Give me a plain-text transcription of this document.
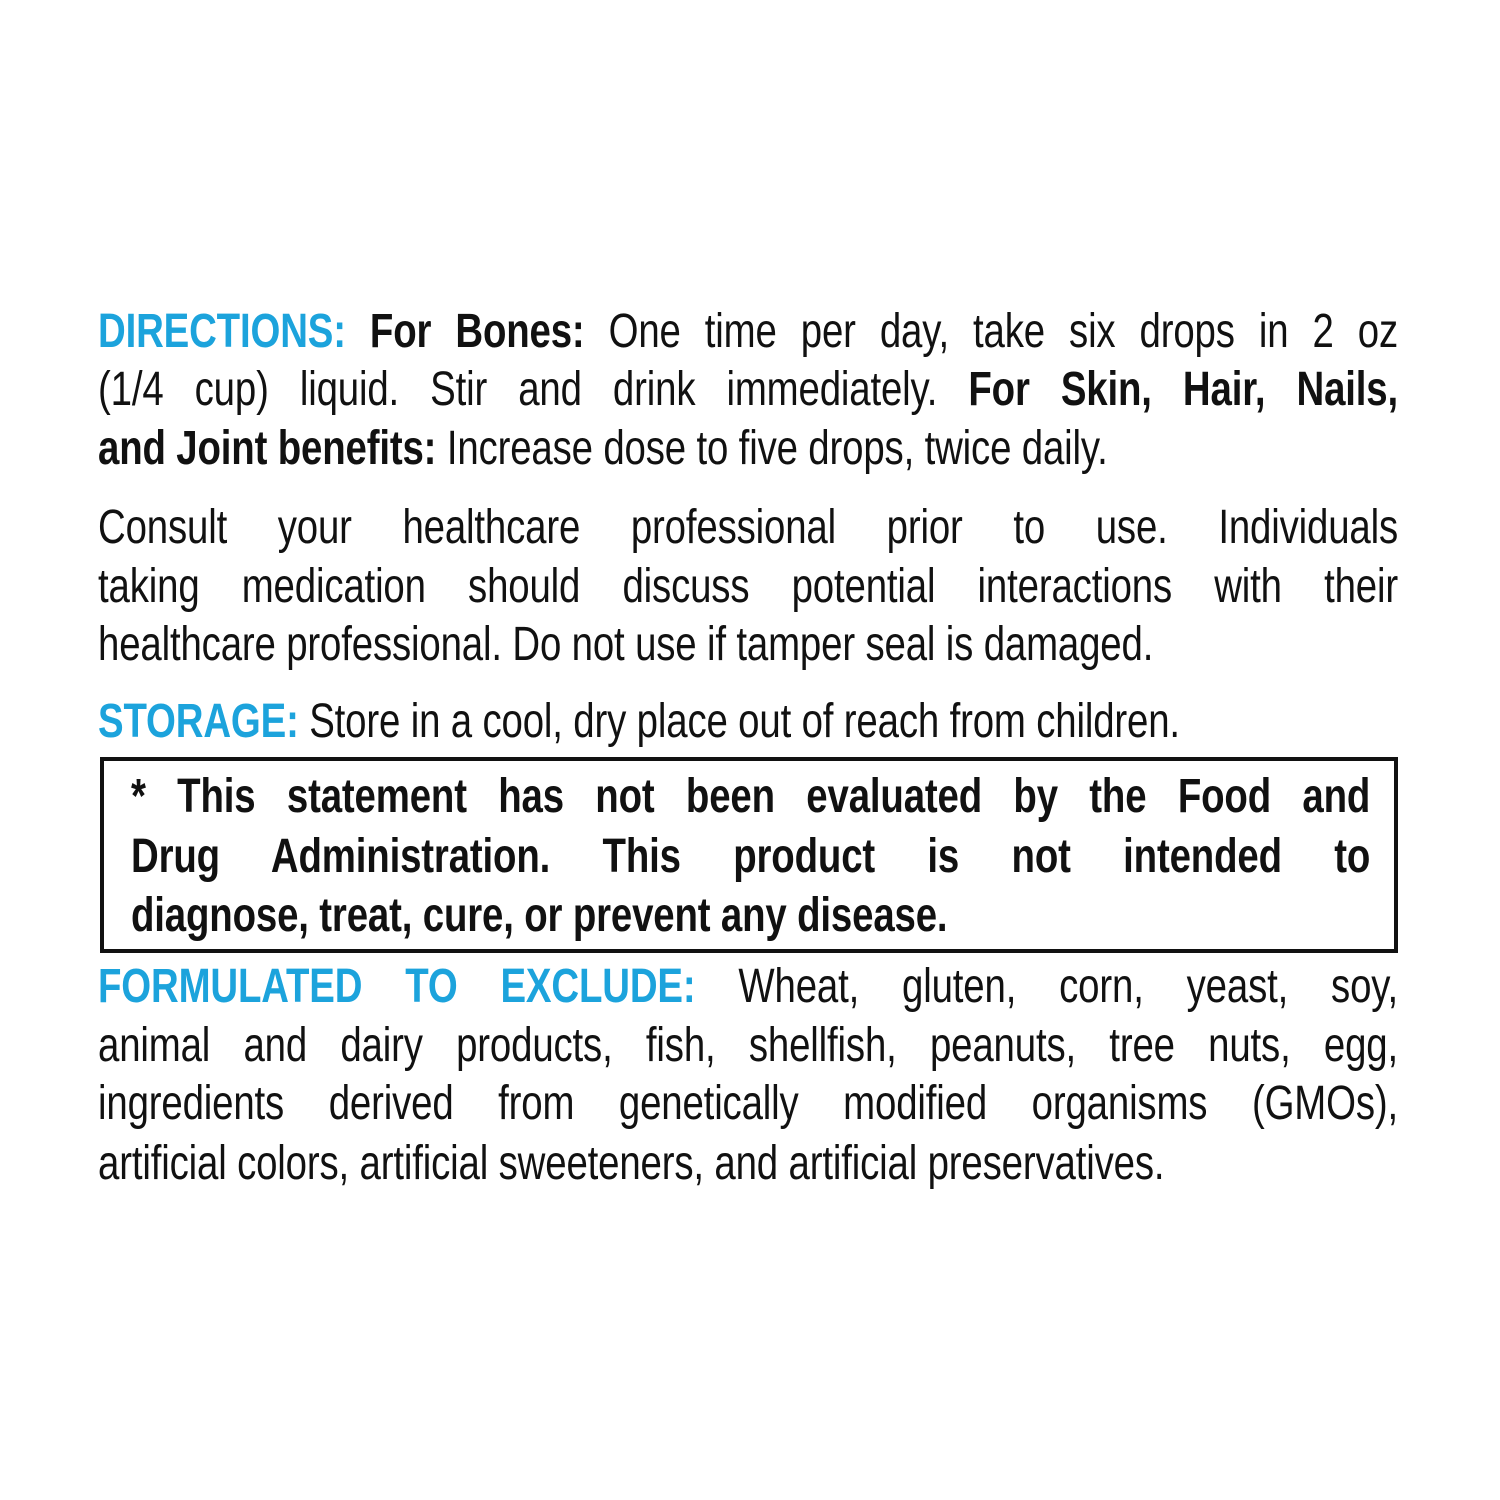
DIRECTIONS: For Bones: One time per day, take six drops in 2 oz
(1/4 cup) liquid. Stir and drink immediately. For Skin, Hair, Nails,
and Joint benefits: Increase dose to five drops, twice daily.
Consult your healthcare professional prior to use. Individuals
taking medication should discuss potential interactions with their
healthcare professional. Do not use if tamper seal is damaged.
STORAGE: Store in a cool, dry place out of reach from children.
* This statement has not been evaluated by the Food and
Drug Administration. This product is not intended to
diagnose, treat, cure, or prevent any disease.
FORMULATED TO EXCLUDE: Wheat, gluten, corn, yeast, soy,
animal and dairy products, fish, shellfish, peanuts, tree nuts, egg,
ingredients derived from genetically modified organisms (GMOs),
artificial colors, artificial sweeteners, and artificial preservatives.
